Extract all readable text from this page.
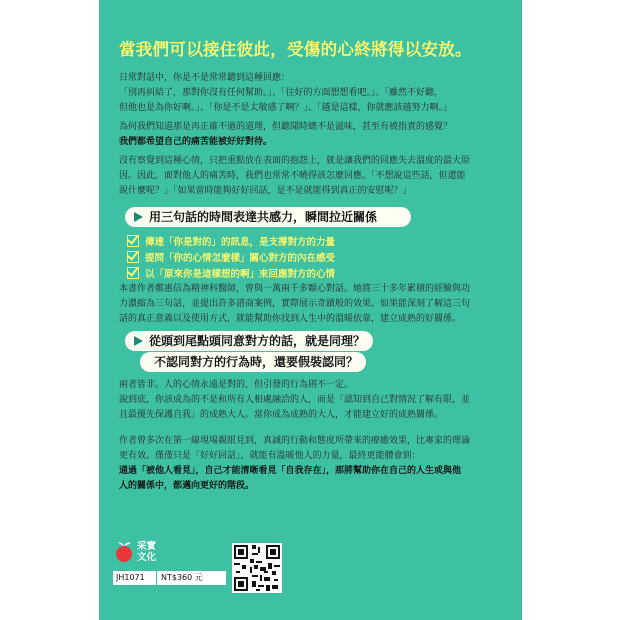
當我們可以接住彼此，受傷的心終將得以安放。

日常對話中，你是不是常常聽到這種回應：
「別再糾結了，那對你沒有任何幫助。」、「往好的方面想想看吧。」、「雖然不好聽，
但他也是為你好啊。」、「你是不是太敏感了啊？」、「越是這樣，你就應該越努力啊。」

為何我們知道那是再正確不過的道理，但聽聞時總不是滋味，甚至有被指責的感覺？
我們都希望自己的痛苦能被好好對待。

沒有察覺到這種心情，只把重點放在表面的抱怨上，就是讓我們的回應失去溫度的最大原
因。因此，面對他人的痛苦時，我們也常常不曉得該怎麼回應。「不想說這些話，但還能
說什麼呢？」「如果當時能夠好好回話，是不是就能得到真正的安慰呢？」

用三句話的時間表達共感力，瞬間拉近關係
傳達「你是對的」的訊息，是支撐對方的力量
提問「你的心情怎麼樣」關心對方的內在感受
以「原來你是這樣想的啊」來回應對方的心情

本書作者鄭惠信為精神科醫師，曾與一萬兩千多顆心對話。她將三十多年累積的經驗與功
力濃縮為三句話，並提出許多諮商案例，實際展示奇蹟般的效果。如果能深刻了解這三句
話的真正意義以及使用方式，就能幫助你找到人生中的溫暖依靠，建立成熟的好關係。

從頭到尾點頭同意對方的話，就是同理？
不認同對方的行為時，還要假裝認同？

兩者皆非。人的心情永遠是對的，但引發的行為則不一定。
說到底，你該成為的不是和所有人相處融洽的人，而是「認知到自己對情況了解有限，並
且最優先保護自我」的成熟大人。當你成為成熟的大人，才能建立好的成熟關係。

作者曾多次在第一線現場親眼見到，真誠的行動和態度所帶來的療癒效果，比專家的理論
更有效。僅僅只是「好好回話」，就能有溫暖他人的力量，最終更能體會到：
通過「被他人看見」，自己才能清晰看見「自我存在」，那將幫助你在自己的人生或與他
人的關係中，都邁向更好的階段。

采實
文化
JH1071	NT$360 元
